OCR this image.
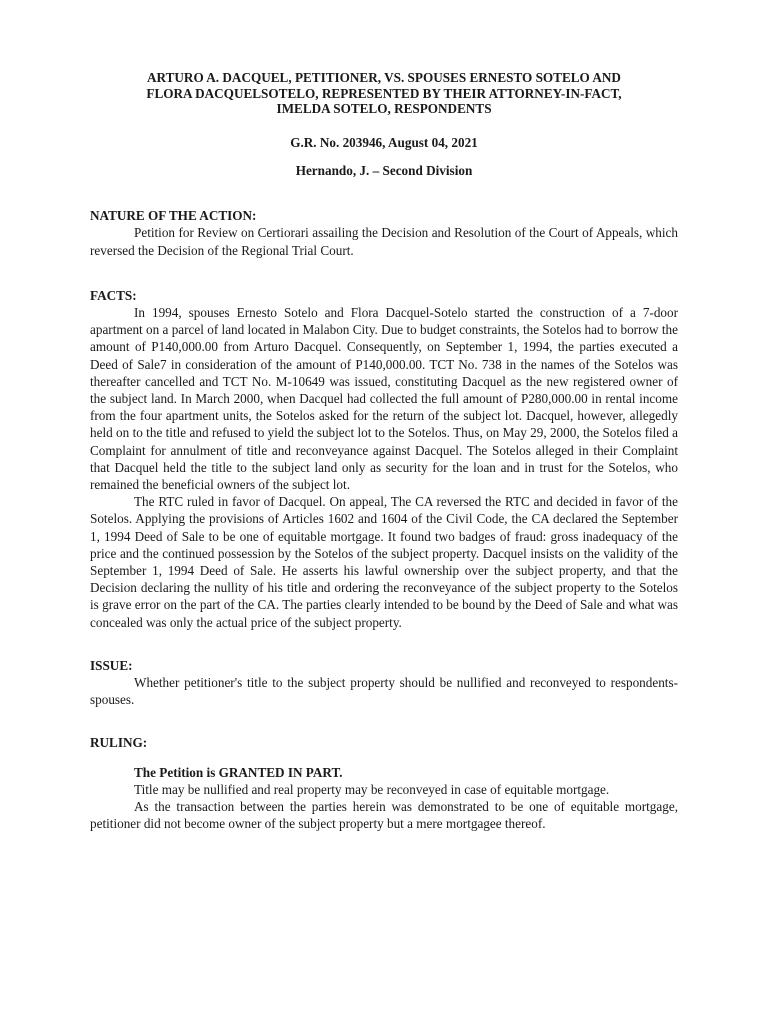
ARTURO A. DACQUEL, PETITIONER, VS. SPOUSES ERNESTO SOTELO AND
FLORA DACQUELSOTELO, REPRESENTED BY THEIR ATTORNEY-IN-FACT,
IMELDA SOTELO, RESPONDENTS

G.R. No. 203946, August 04, 2021

Hernando, J. – Second Division

NATURE OF THE ACTION:

Petition for Review on Certiorari assailing the Decision and Resolution of the Court of Appeals, which reversed the Decision of the Regional Trial Court.

FACTS:

In 1994, spouses Ernesto Sotelo and Flora Dacquel-Sotelo started the construction of a 7-door apartment on a parcel of land located in Malabon City. Due to budget constraints, the Sotelos had to borrow the amount of P140,000.00 from Arturo Dacquel. Consequently, on September 1, 1994, the parties executed a Deed of Sale7 in consideration of the amount of P140,000.00. TCT No. 738 in the names of the Sotelos was thereafter cancelled and TCT No. M-10649 was issued, constituting Dacquel as the new registered owner of the subject land. In March 2000, when Dacquel had collected the full amount of P280,000.00 in rental income from the four apartment units, the Sotelos asked for the return of the subject lot. Dacquel, however, allegedly held on to the title and refused to yield the subject lot to the Sotelos. Thus, on May 29, 2000, the Sotelos filed a Complaint for annulment of title and reconveyance against Dacquel. The Sotelos alleged in their Complaint that Dacquel held the title to the subject land only as security for the loan and in trust for the Sotelos, who remained the beneficial owners of the subject lot.

The RTC ruled in favor of Dacquel. On appeal, The CA reversed the RTC and decided in favor of the Sotelos. Applying the provisions of Articles 1602 and 1604 of the Civil Code, the CA declared the September 1, 1994 Deed of Sale to be one of equitable mortgage. It found two badges of fraud: gross inadequacy of the price and the continued possession by the Sotelos of the subject property. Dacquel insists on the validity of the September 1, 1994 Deed of Sale. He asserts his lawful ownership over the subject property, and that the Decision declaring the nullity of his title and ordering the reconveyance of the subject property to the Sotelos is grave error on the part of the CA. The parties clearly intended to be bound by the Deed of Sale and what was concealed was only the actual price of the subject property.

ISSUE:

Whether petitioner's title to the subject property should be nullified and reconveyed to respondents-spouses.

RULING:

The Petition is GRANTED IN PART.

Title may be nullified and real property may be reconveyed in case of equitable mortgage.

As the transaction between the parties herein was demonstrated to be one of equitable mortgage, petitioner did not become owner of the subject property but a mere mortgagee thereof.
